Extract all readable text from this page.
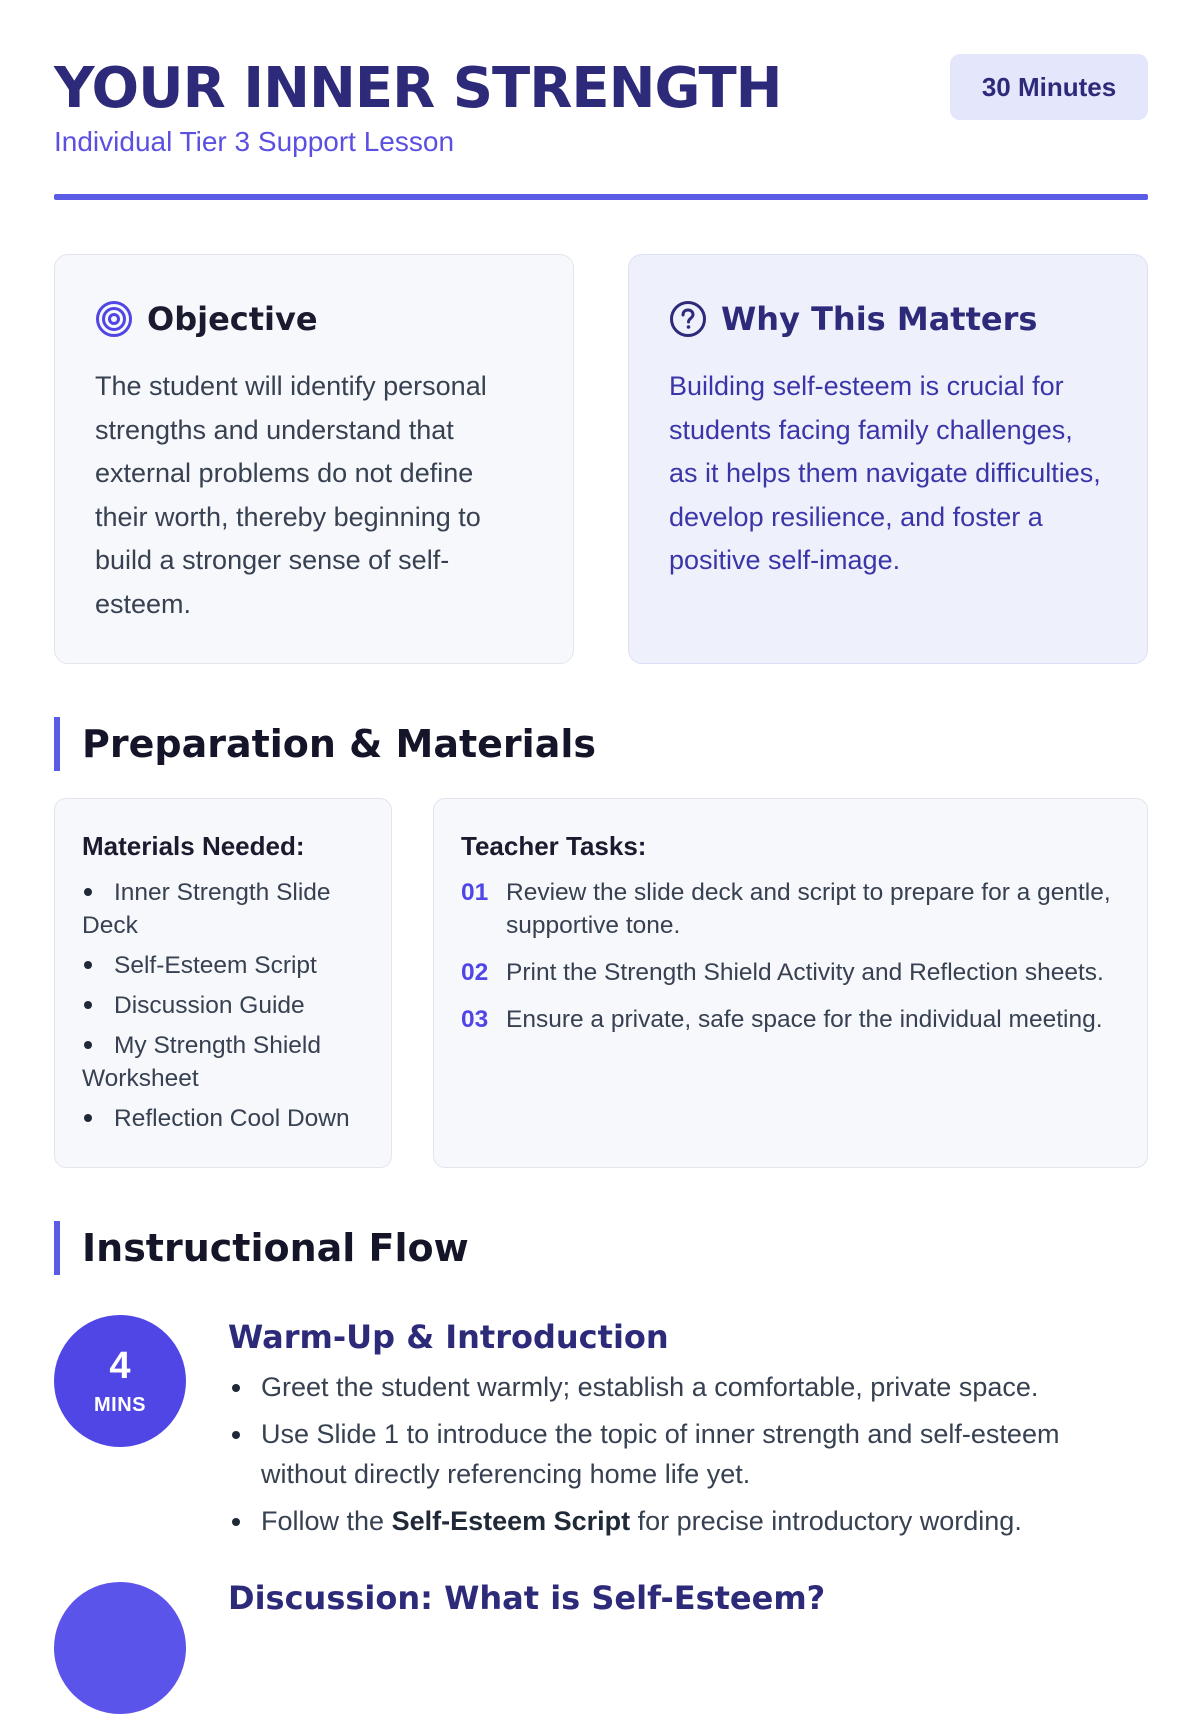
YOUR INNER STRENGTH
Individual Tier 3 Support Lesson
30 Minutes
Objective
The student will identify personal strengths and understand that external problems do not define their worth, thereby beginning to build a stronger sense of self-esteem.
Why This Matters
Building self-esteem is crucial for students facing family challenges, as it helps them navigate difficulties, develop resilience, and foster a positive self-image.
Preparation & Materials
Materials Needed:
Inner Strength Slide Deck
Self-Esteem Script
Discussion Guide
My Strength Shield Worksheet
Reflection Cool Down
Teacher Tasks:
01 Review the slide deck and script to prepare for a gentle, supportive tone.
02 Print the Strength Shield Activity and Reflection sheets.
03 Ensure a private, safe space for the individual meeting.
Instructional Flow
4
MINS
Warm-Up & Introduction
Greet the student warmly; establish a comfortable, private space.
Use Slide 1 to introduce the topic of inner strength and self-esteem without directly referencing home life yet.
Follow the Self-Esteem Script for precise introductory wording.
Discussion: What is Self-Esteem?
